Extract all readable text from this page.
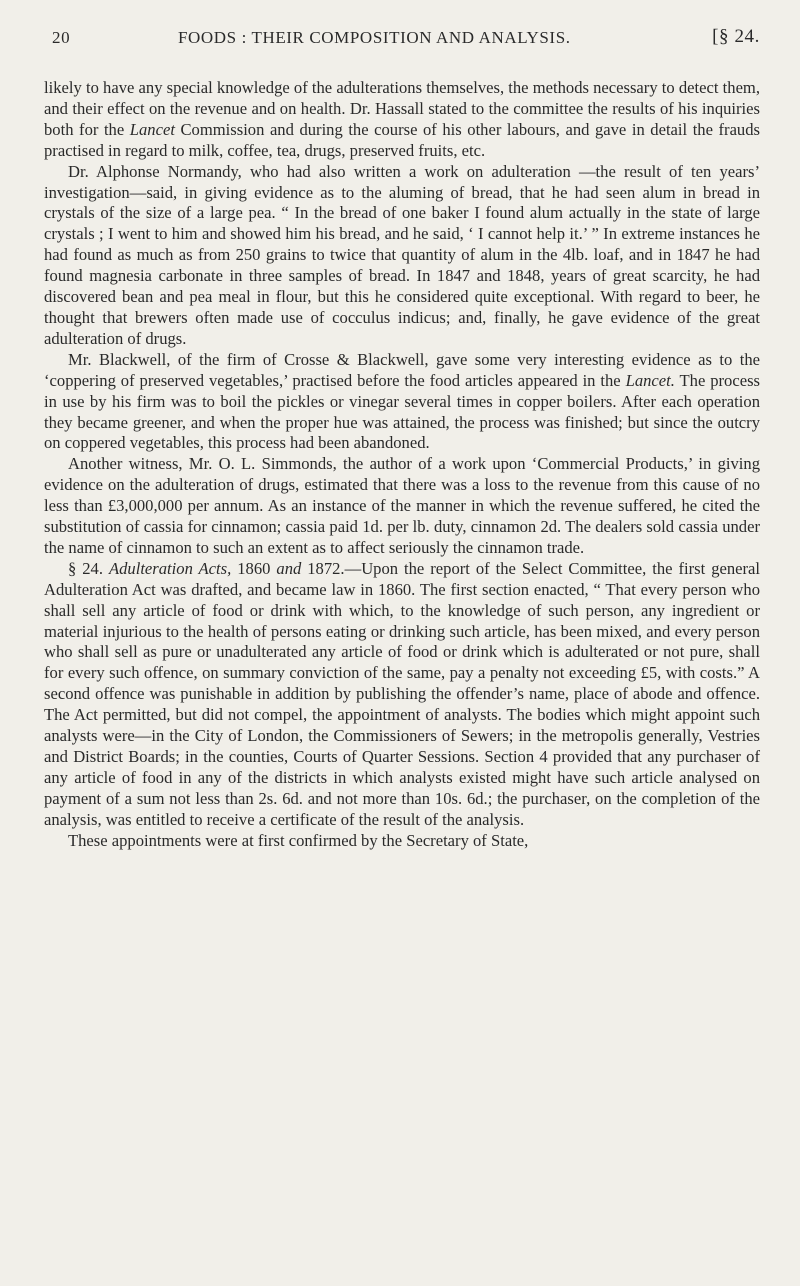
20	FOODS : THEIR COMPOSITION AND ANALYSIS.	[§ 24.

likely to have any special knowledge of the adulterations themselves, the methods necessary to detect them, and their effect on the revenue and on health. Dr. Hassall stated to the committee the results of his inquiries both for the Lancet Commission and during the course of his other labours, and gave in detail the frauds practised in regard to milk, coffee, tea, drugs, preserved fruits, etc.

Dr. Alphonse Normandy, who had also written a work on adulteration —the result of ten years’ investigation—said, in giving evidence as to the aluming of bread, that he had seen alum in bread in crystals of the size of a large pea. “ In the bread of one baker I found alum actually in the state of large crystals ; I went to him and showed him his bread, and he said, ‘ I cannot help it.’ ” In extreme instances he had found as much as from 250 grains to twice that quantity of alum in the 4lb. loaf, and in 1847 he had found magnesia carbonate in three samples of bread. In 1847 and 1848, years of great scarcity, he had discovered bean and pea meal in flour, but this he considered quite exceptional. With regard to beer, he thought that brewers often made use of cocculus indicus; and, finally, he gave evidence of the great adulteration of drugs.

Mr. Blackwell, of the firm of Crosse & Blackwell, gave some very interesting evidence as to the ‘coppering of preserved vegetables,’ practised before the food articles appeared in the Lancet. The process in use by his firm was to boil the pickles or vinegar several times in copper boilers. After each operation they became greener, and when the proper hue was attained, the process was finished; but since the outcry on coppered vegetables, this process had been abandoned.

Another witness, Mr. O. L. Simmonds, the author of a work upon ‘Commercial Products,’ in giving evidence on the adulteration of drugs, estimated that there was a loss to the revenue from this cause of no less than £3,000,000 per annum. As an instance of the manner in which the revenue suffered, he cited the substitution of cassia for cinnamon; cassia paid 1d. per lb. duty, cinnamon 2d. The dealers sold cassia under the name of cinnamon to such an extent as to affect seriously the cinnamon trade.

§ 24. Adulteration Acts, 1860 and 1872.—Upon the report of the Select Committee, the first general Adulteration Act was drafted, and became law in 1860. The first section enacted, “ That every person who shall sell any article of food or drink with which, to the knowledge of such person, any ingredient or material injurious to the health of persons eating or drinking such article, has been mixed, and every person who shall sell as pure or unadulterated any article of food or drink which is adulterated or not pure, shall for every such offence, on summary conviction of the same, pay a penalty not exceeding £5, with costs.” A second offence was punishable in addition by publishing the offender’s name, place of abode and offence. The Act permitted, but did not compel, the appointment of analysts. The bodies which might appoint such analysts were—in the City of London, the Commissioners of Sewers; in the metropolis generally, Vestries and District Boards; in the counties, Courts of Quarter Sessions. Section 4 provided that any purchaser of any article of food in any of the districts in which analysts existed might have such article analysed on payment of a sum not less than 2s. 6d. and not more than 10s. 6d.; the purchaser, on the completion of the analysis, was entitled to receive a certificate of the result of the analysis.

These appointments were at first confirmed by the Secretary of State,
